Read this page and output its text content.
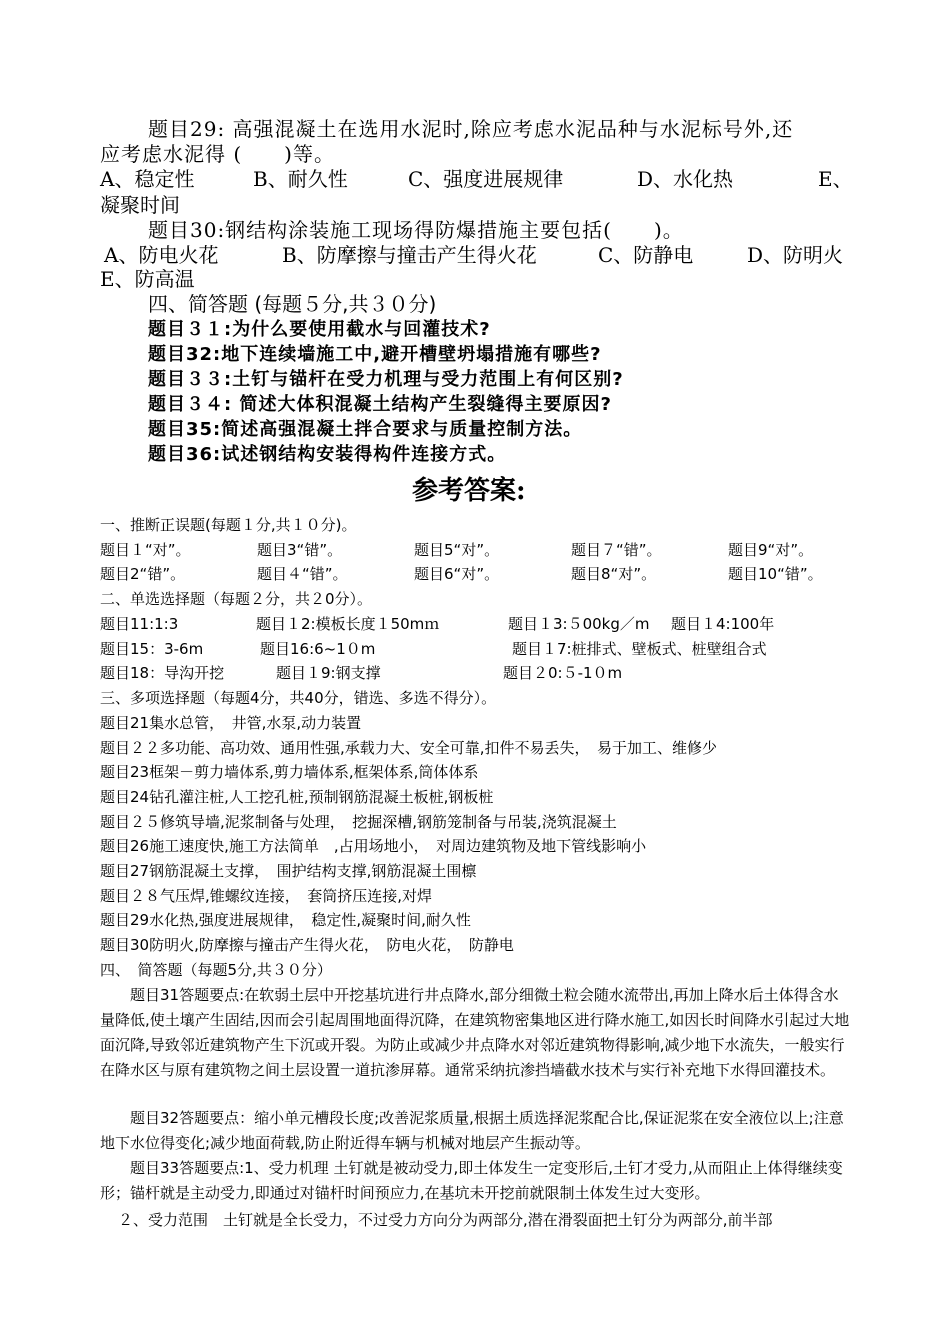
题目29: 高强混凝土在选用水泥时,除应考虑水泥品种与水泥标号外,还
应考虑水泥得 (　　)等。
A、稳定性	B、耐久性	C、强度进展规律	D、水化热	E、
凝聚时间
题目30:钢结构涂装施工现场得防爆措施主要包括(　　)。
A、防电火花	B、防摩擦与撞击产生得火花	C、防静电	D、防明火
E、防高温
四、简答题 (每题５分,共３０分)
题目３１:为什么要使用截水与回灌技术?
题目32:地下连续墙施工中,避开槽壁坍塌措施有哪些?
题目３３:土钉与锚杆在受力机理与受力范围上有何区别?
题目３４: 简述大体积混凝土结构产生裂缝得主要原因?
题目35:简述高强混凝土拌合要求与质量控制方法。
题目36:试述钢结构安装得构件连接方式。
参考答案:
一、推断正误题(每题１分,共１０分)。
题目１“对”。	题目3“错”。	题目5“对”。	题目７“错”。	题目9“对”。
题目2“错”。	题目４“错”。	题目6“对”。	题目8“对”。	题目10“错”。
二、单选选择题（每题２分，共２0分）。
题目11:1:3	题目１2:模板长度１50mｍ	题目１3:５00kg／m 题目１4:100年
题目15：3-6m	题目16:6~1０m	题目１7:桩排式、壁板式、桩壁组合式
题目18：导沟开挖	题目１9:钢支撑	题目２0:５-1０m
三、多项选择题（每题4分，共40分，错选、多选不得分）。
题目21集水总管，　井管,水泵,动力装置
题目２２多功能、高功效、通用性强,承载力大、安全可靠,扣件不易丢失，　易于加工、维修少
题目23框架－剪力墙体系,剪力墙体系,框架体系,筒体体系
题目24钻孔灌注桩,人工挖孔桩,预制钢筋混凝土板桩,钢板桩
题目２５修筑导墙,泥浆制备与处理，　挖掘深槽,钢筋笼制备与吊装,浇筑混凝土
题目26施工速度快,施工方法简单　,占用场地小，　对周边建筑物及地下管线影响小
题目27钢筋混凝土支撑，　围护结构支撑,钢筋混凝土围檩
题目２８气压焊,锥螺纹连接，　套筒挤压连接,对焊
题目29水化热,强度进展规律，　稳定性,凝聚时间,耐久性
题目30防明火,防摩擦与撞击产生得火花，　防电火花，　防静电
四、　简答题（每题5分,共３０分）
　　题目31答题要点:在软弱土层中开挖基坑进行井点降水,部分细微土粒会随水流带出,再加上降水后土体得含水量降低,使土壤产生固结,因而会引起周围地面得沉降，在建筑物密集地区进行降水施工,如因长时间降水引起过大地面沉降,导致邻近建筑物产生下沉或开裂。为防止或减少井点降水对邻近建筑物得影响,减少地下水流失，一般实行在降水区与原有建筑物之间土层设置一道抗渗屏幕。通常采纳抗渗挡墙截水技术与实行补充地下水得回灌技术。
　　题目32答题要点：缩小单元槽段长度;改善泥浆质量,根据土质选择泥浆配合比,保证泥浆在安全液位以上;注意地下水位得变化;减少地面荷载,防止附近得车辆与机械对地层产生振动等。
　　题目33答题要点:1、受力机理 土钉就是被动受力,即土体发生一定变形后,土钉才受力,从而阻止上体得继续变形；锚杆就是主动受力,即通过对锚杆时间预应力,在基坑未开挖前就限制土体发生过大变形。
２、受力范围　土钉就是全长受力，不过受力方向分为两部分,潜在滑裂面把土钉分为两部分,前半部
